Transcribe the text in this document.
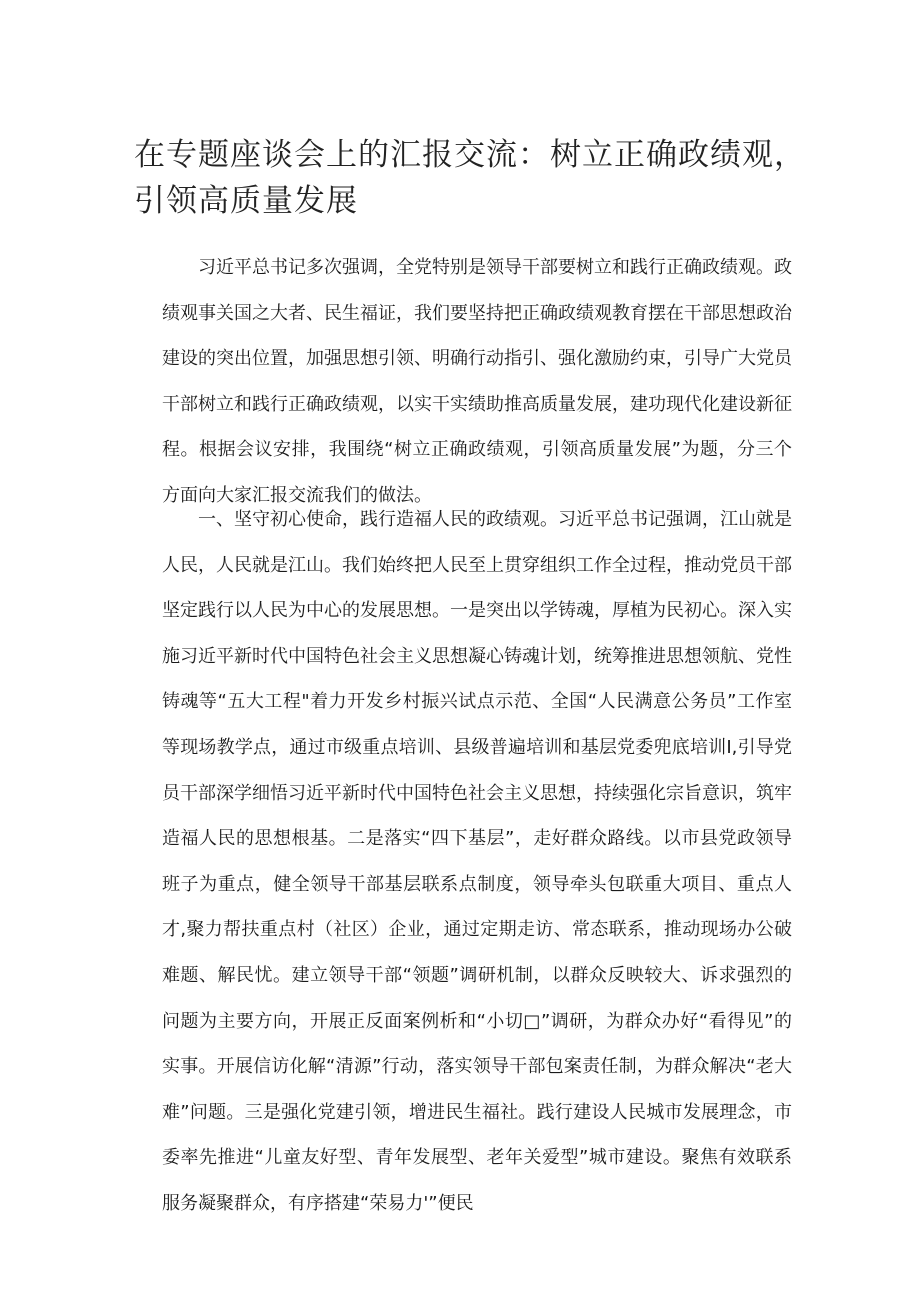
在专题座谈会上的汇报交流：树立正确政绩观，引领高质量发展

习近平总书记多次强调，全党特别是领导干部要树立和践行正确政绩观。政绩观事关国之大者、民生福证，我们要坚持把正确政绩观教育摆在干部思想政治建设的突出位置，加强思想引领、明确行动指引、强化激励约束，引导广大党员干部树立和践行正确政绩观，以实干实绩助推高质量发展，建功现代化建设新征程。根据会议安排，我围绕“树立正确政绩观，引领高质量发展”为题，分三个方面向大家汇报交流我们的做法。

一、坚守初心使命，践行造福人民的政绩观。习近平总书记强调，江山就是人民，人民就是江山。我们始终把人民至上贯穿组织工作全过程，推动党员干部坚定践行以人民为中心的发展思想。一是突出以学铸魂，厚植为民初心。深入实施习近平新时代中国特色社会主义思想凝心铸魂计划，统筹推进思想领航、党性铸魂等“五大工程"着力开发乡村振兴试点示范、全国“人民满意公务员”工作室等现场教学点，通过市级重点培训、县级普遍培训和基层党委兜底培训I,引导党员干部深学细悟习近平新时代中国特色社会主义思想，持续强化宗旨意识，筑牢造福人民的思想根基。二是落实“四下基层”，走好群众路线。以市县党政领导班子为重点，健全领导干部基层联系点制度，领导牵头包联重大项目、重点人才,聚力帮扶重点村（社区）企业，通过定期走访、常态联系，推动现场办公破难题、解民忧。建立领导干部“领题”调研机制，以群众反映较大、诉求强烈的问题为主要方向，开展正反面案例析和“小切□”调研，为群众办好“看得见”的实事。开展信访化解“清源”行动，落实领导干部包案责任制，为群众解决“老大难”问题。三是强化党建引领，增进民生福社。践行建设人民城市发展理念，市委率先推进“儿童友好型、青年发展型、老年关爱型”城市建设。聚焦有效联系服务凝聚群众，有序搭建“荣易力'”便民
